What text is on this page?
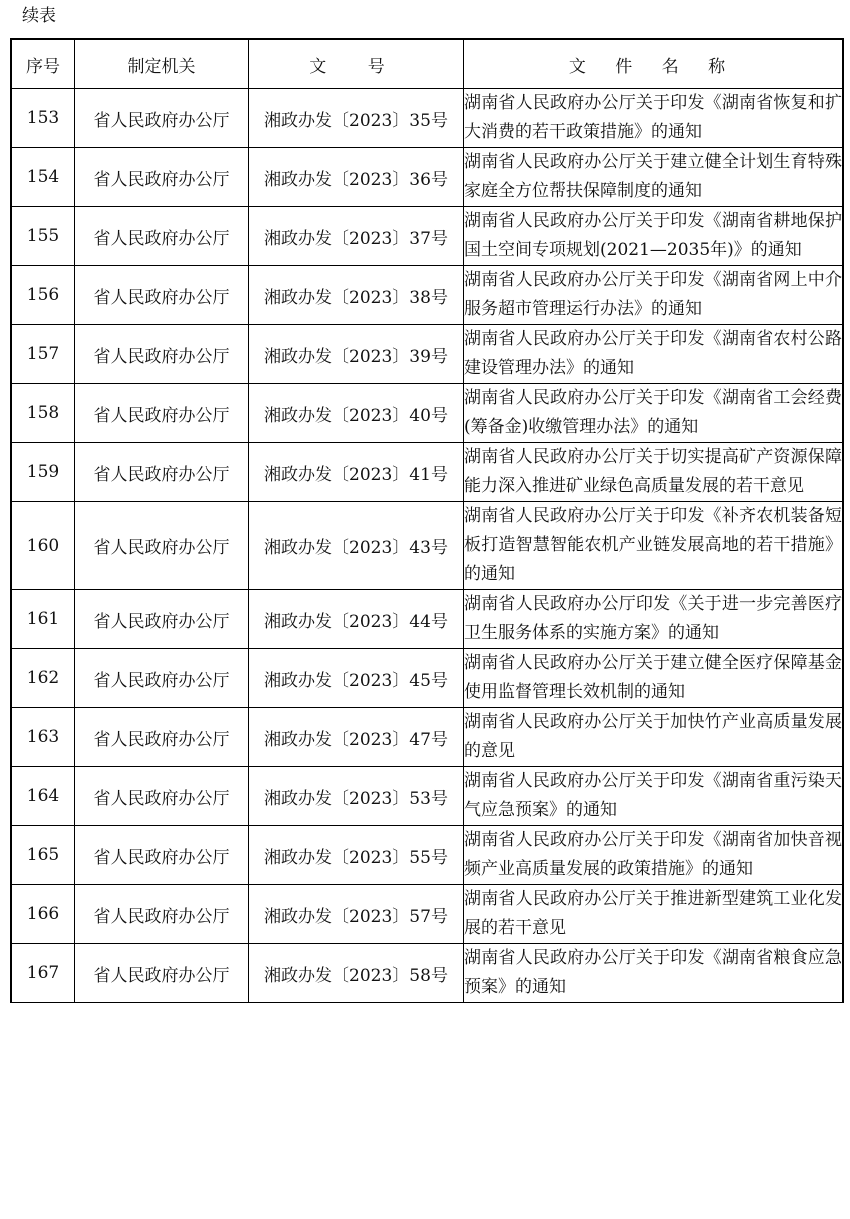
续表
序号	制定机关	文 号	文 件 名 称
153	省人民政府办公厅	湘政办发〔2023〕35号	湖南省人民政府办公厅关于印发《湖南省恢复和扩大消费的若干政策措施》的通知
154	省人民政府办公厅	湘政办发〔2023〕36号	湖南省人民政府办公厅关于建立健全计划生育特殊家庭全方位帮扶保障制度的通知
155	省人民政府办公厅	湘政办发〔2023〕37号	湖南省人民政府办公厅关于印发《湖南省耕地保护国土空间专项规划(2021—2035年)》的通知
156	省人民政府办公厅	湘政办发〔2023〕38号	湖南省人民政府办公厅关于印发《湖南省网上中介服务超市管理运行办法》的通知
157	省人民政府办公厅	湘政办发〔2023〕39号	湖南省人民政府办公厅关于印发《湖南省农村公路建设管理办法》的通知
158	省人民政府办公厅	湘政办发〔2023〕40号	湖南省人民政府办公厅关于印发《湖南省工会经费(筹备金)收缴管理办法》的通知
159	省人民政府办公厅	湘政办发〔2023〕41号	湖南省人民政府办公厅关于切实提高矿产资源保障能力深入推进矿业绿色高质量发展的若干意见
160	省人民政府办公厅	湘政办发〔2023〕43号	湖南省人民政府办公厅关于印发《补齐农机装备短板打造智慧智能农机产业链发展高地的若干措施》的通知
161	省人民政府办公厅	湘政办发〔2023〕44号	湖南省人民政府办公厅印发《关于进一步完善医疗卫生服务体系的实施方案》的通知
162	省人民政府办公厅	湘政办发〔2023〕45号	湖南省人民政府办公厅关于建立健全医疗保障基金使用监督管理长效机制的通知
163	省人民政府办公厅	湘政办发〔2023〕47号	湖南省人民政府办公厅关于加快竹产业高质量发展的意见
164	省人民政府办公厅	湘政办发〔2023〕53号	湖南省人民政府办公厅关于印发《湖南省重污染天气应急预案》的通知
165	省人民政府办公厅	湘政办发〔2023〕55号	湖南省人民政府办公厅关于印发《湖南省加快音视频产业高质量发展的政策措施》的通知
166	省人民政府办公厅	湘政办发〔2023〕57号	湖南省人民政府办公厅关于推进新型建筑工业化发展的若干意见
167	省人民政府办公厅	湘政办发〔2023〕58号	湖南省人民政府办公厅关于印发《湖南省粮食应急预案》的通知
